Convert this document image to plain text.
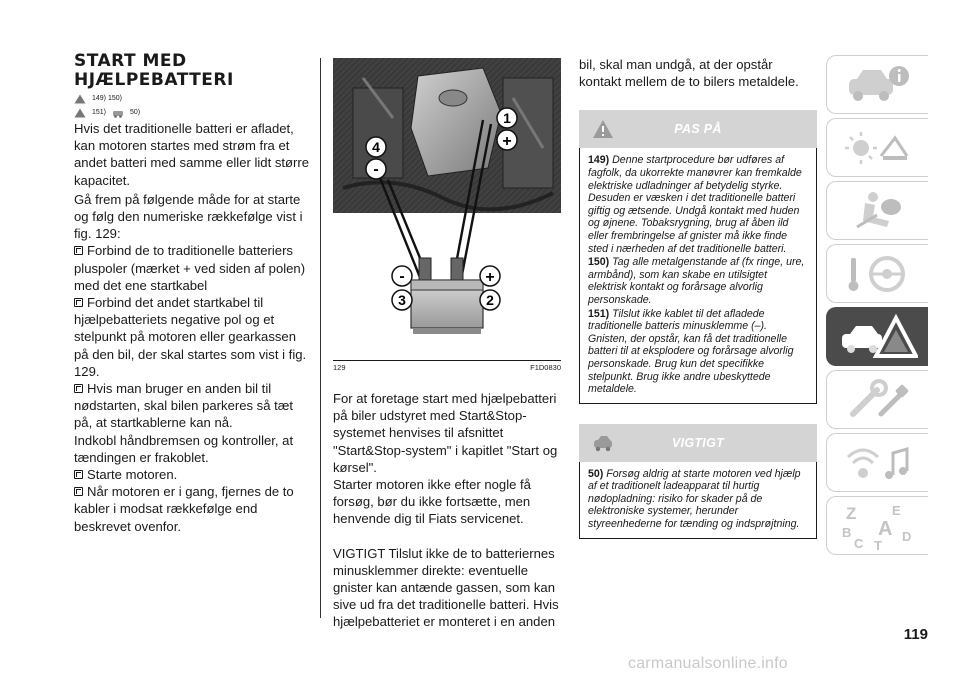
START MED
HJÆLPEBATTERI
149) 150)
151)	50)

Hvis det traditionelle batteri er afladet, kan motoren startes med strøm fra et andet batteri med samme eller lidt større kapacitet.

Gå frem på følgende måde for at starte og følg den numeriske rækkefølge vist i fig. 129:

Forbind de to traditionelle batteriers pluspoler (mærket + ved siden af polen) med det ene startkabel

Forbind det andet startkabel til hjælpebatteriets negative pol og et stelpunkt på motoren eller gearkassen på den bil, der skal startes som vist i fig. 129.

Hvis man bruger en anden bil til nødstarten, skal bilen parkeres så tæt på, at startkablerne kan nå.

Indkobl håndbremsen og kontroller, at tændingen er frakoblet.

Starte motoren.

Når motoren er i gang, fjernes de to kabler i modsat rækkefølge end beskrevet ovenfor.

1
+
4
-
-	+
3	2
129	F1D0830

For at foretage start med hjælpebatteri på biler udstyret med Start&Stop-systemet henvises til afsnittet "Start&Stop-system" i kapitlet "Start og kørsel".

Starter motoren ikke efter nogle få forsøg, bør du ikke fortsætte, men henvende dig til Fiats servicenet.

VIGTIGT Tilslut ikke de to batteriernes minusklemmer direkte: eventuelle gnister kan antænde gassen, som kan sive ud fra det traditionelle batteri. Hvis hjælpebatteriet er monteret i en anden

bil, skal man undgå, at der opstår kontakt mellem de to bilers metaldele.

PAS PÅ

149) Denne startprocedure bør udføres af fagfolk, da ukorrekte manøvrer kan fremkalde elektriske udladninger af betydelig styrke. Desuden er væsken i det traditionelle batteri giftig og ætsende. Undgå kontakt med huden og øjnene. Tobaksrygning, brug af åben ild eller frembringelse af gnister må ikke finde sted i nærheden af det traditionelle batteri.

150) Tag alle metalgenstande af (fx ringe, ure, armbånd), som kan skabe en utilsigtet elektrisk kontakt og forårsage alvorlig personskade.

151) Tilslut ikke kablet til det afladede traditionelle batteris minusklemme (–). Gnisten, der opstår, kan få det traditionelle batteri til at eksplodere og forårsage alvorlig personskade. Brug kun det specifikke stelpunkt. Brug ikke andre ubeskyttede metaldele.

VIGTIGT

50) Forsøg aldrig at starte motoren ved hjælp af et traditionelt ladeapparat til hurtig nødopladning: risiko for skader på de elektroniske systemer, herunder styreenhederne for tænding og indsprøjtning.

Z	E
B A
C T
D
119
carmanualsonline.info
